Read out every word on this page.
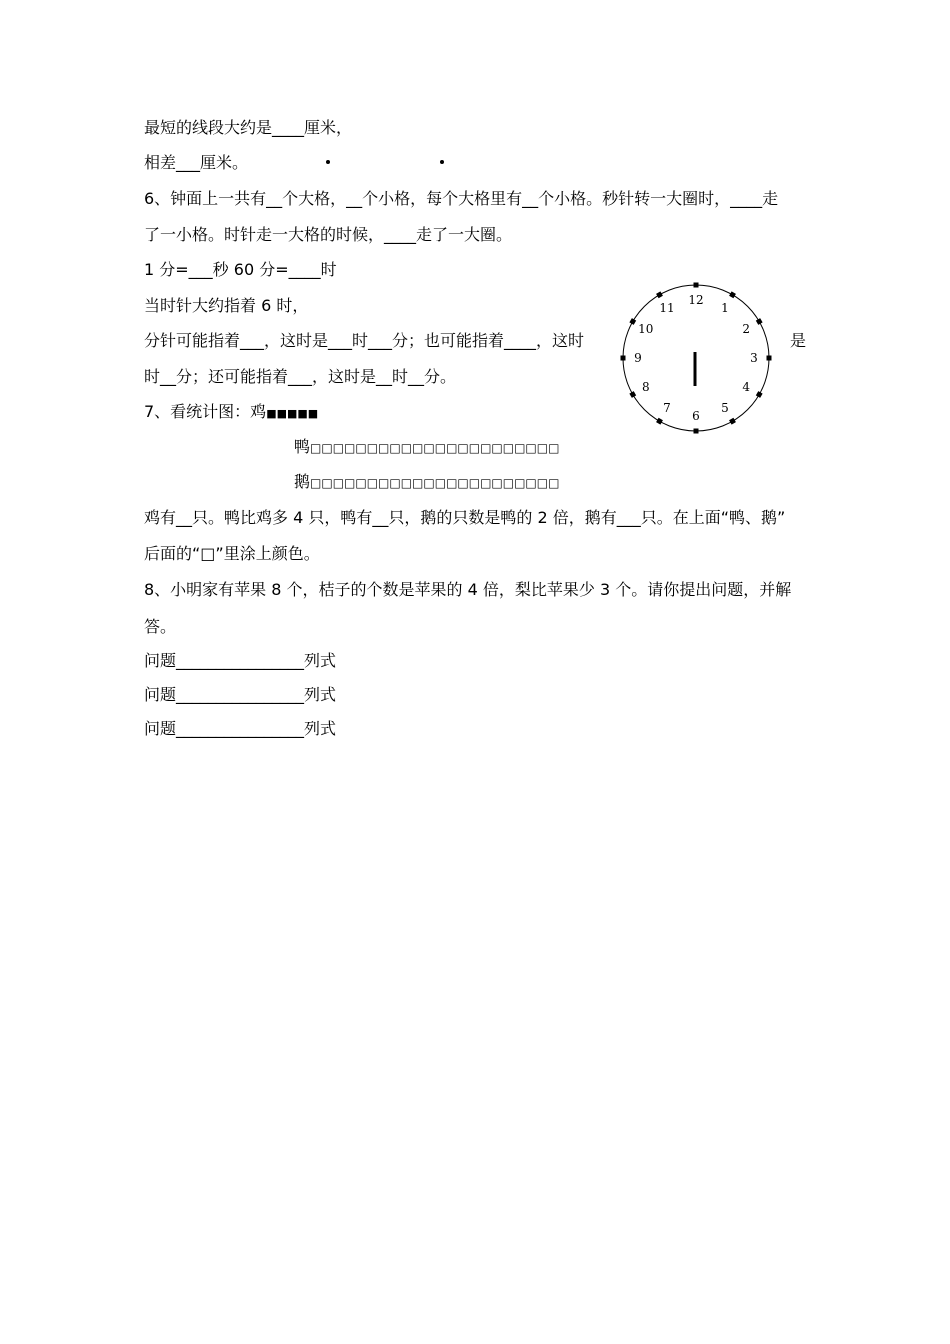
最短的线段大约是____厘米，
相差___厘米。
6、钟面上一共有__个大格，__个小格，每个大格里有__个小格。秒针转一大圈时，____走
了一小格。时针走一大格的时候，____走了一大圈。
1 分=___秒 60 分=____时
当时针大约指着 6 时，
分针可能指着___，这时是___时___分；也可能指着____，这时	是
时__分；还可能指着___，这时是__时__分。
7、看统计图：鸡■■■■■
鸭□□□□□□□□□□□□□□□□□□□□□□
鹅□□□□□□□□□□□□□□□□□□□□□□
鸡有__只。鸭比鸡多 4 只，鸭有__只，鹅的只数是鸭的 2 倍，鹅有___只。在上面“鸭、鹅”
后面的“□”里涂上颜色。
8、小明家有苹果 8 个，桔子的个数是苹果的 4 倍，梨比苹果少 3 个。请你提出问题，并解
答。
问题________________列式
问题________________列式
问题________________列式
12
1
2
3
4
5
6
7
8
9
10
11
